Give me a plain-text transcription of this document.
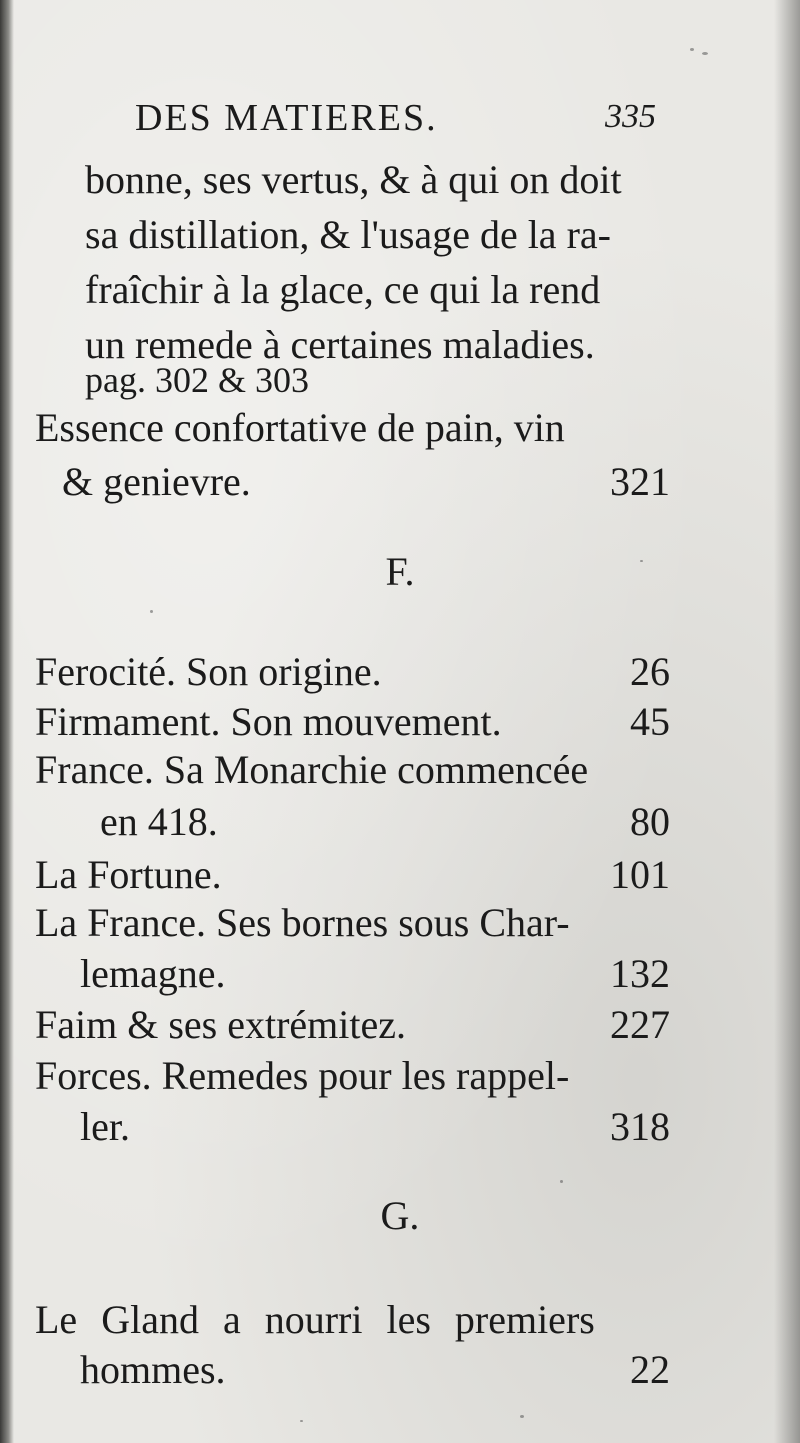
DES MATIERES.	335
bonne, ses vertus, & à qui on doit
sa distillation, & l'usage de la ra-
fraîchir à la glace, ce qui la rend
un remede à certaines maladies.
pag. 302 & 303
Essence confortative de pain, vin
& genievre.	321
F.
Ferocité. Son origine.	26
Firmament. Son mouvement.	45
France. Sa Monarchie commencée
en 418.	80
La Fortune.	101
La France. Ses bornes sous Char-
lemagne.	132
Faim & ses extrémitez.	227
Forces. Remedes pour les rappel-
ler.	318
G.
Le Gland a nourri les premiers
hommes.	22
